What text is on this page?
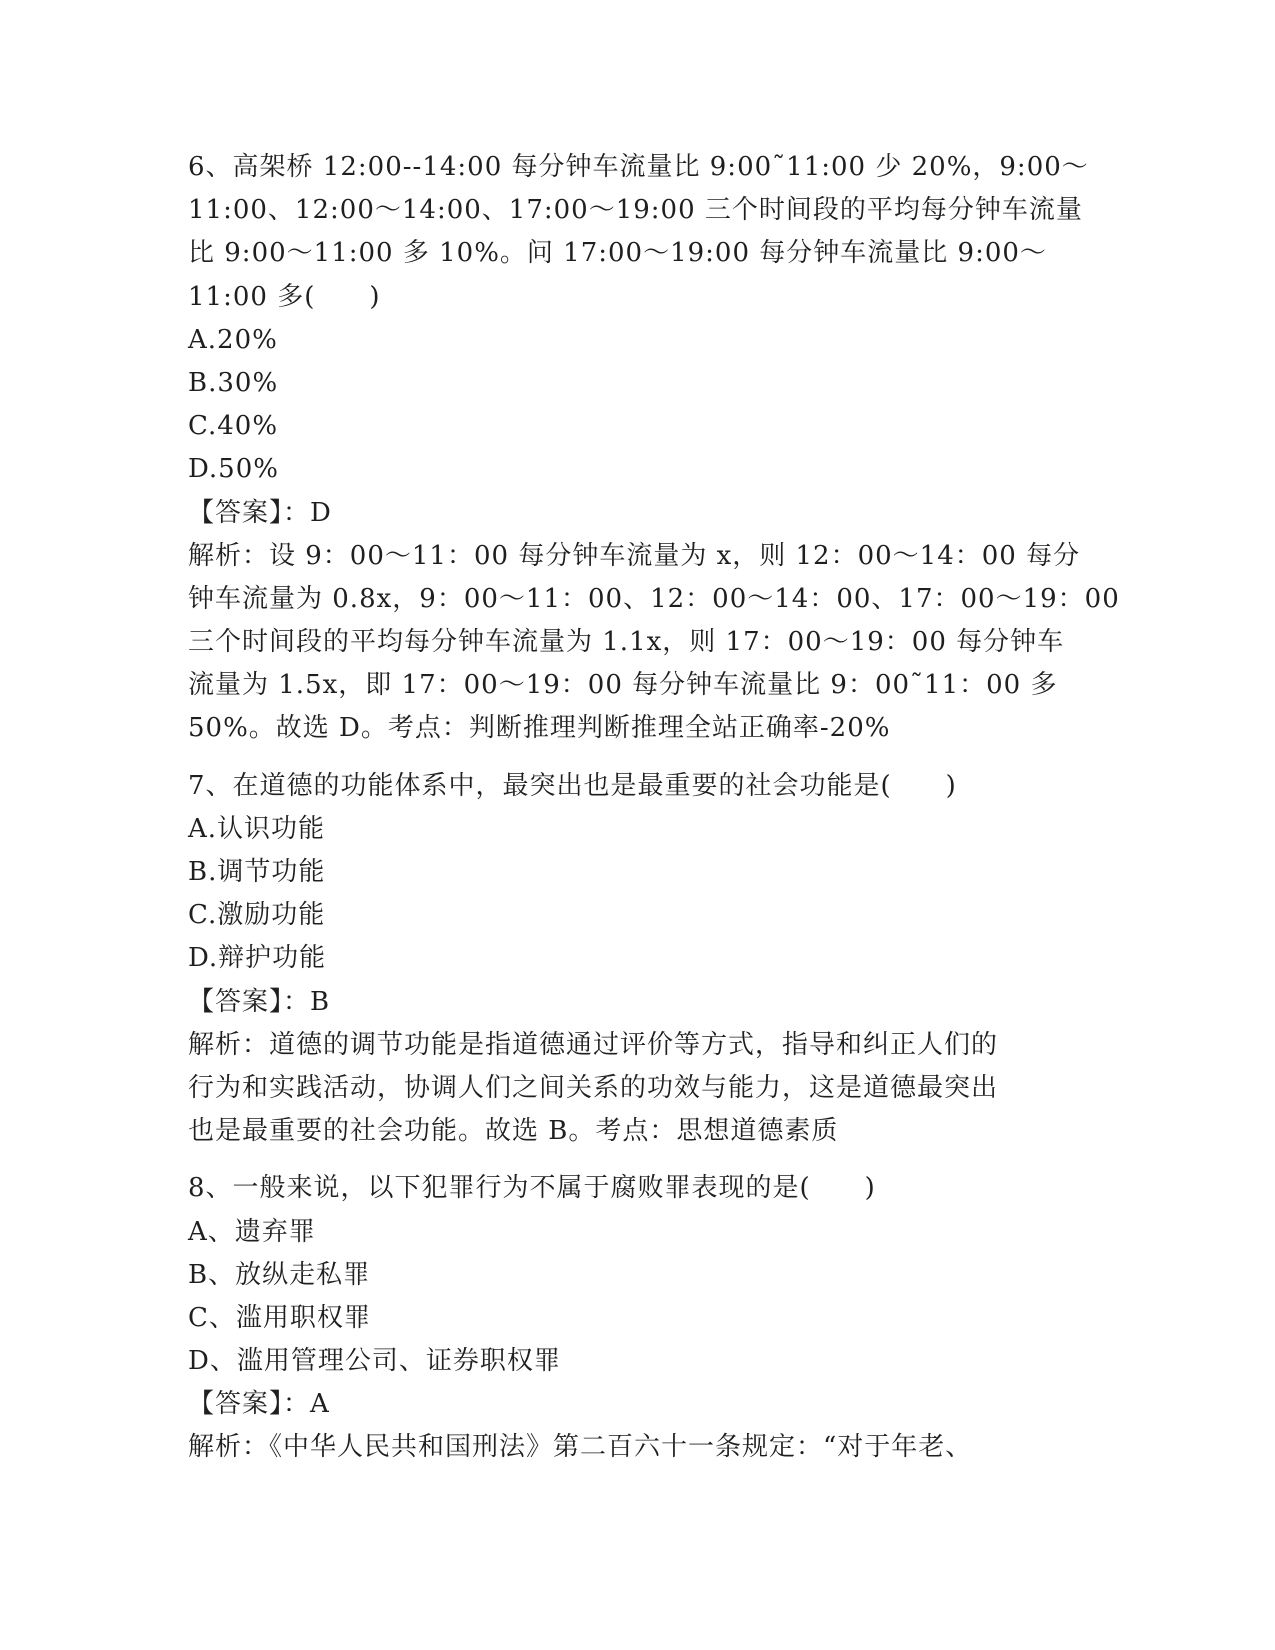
6、高架桥 12:00--14:00 每分钟车流量比 9:00˜11:00 少 20%，9:00～
11:00、12:00～14:00、17:00～19:00 三个时间段的平均每分钟车流量
比 9:00～11:00 多 10%。问 17:00～19:00 每分钟车流量比 9:00～
11:00 多(　　)
A.20%
B.30%
C.40%
D.50%
【答案】：D
解析：设 9：00～11：00 每分钟车流量为 x，则 12：00～14：00 每分
钟车流量为 0.8x，9：00～11：00、12：00～14：00、17：00～19：00
三个时间段的平均每分钟车流量为 1.1x，则 17：00～19：00 每分钟车
流量为 1.5x，即 17：00～19：00 每分钟车流量比 9：00˜11：00 多
50%。故选 D。考点：判断推理判断推理全站正确率-20%
7、在道德的功能体系中，最突出也是最重要的社会功能是(　　)
A.认识功能
B.调节功能
C.激励功能
D.辩护功能
【答案】：B
解析：道德的调节功能是指道德通过评价等方式，指导和纠正人们的
行为和实践活动，协调人们之间关系的功效与能力，这是道德最突出
也是最重要的社会功能。故选 B。考点：思想道德素质
8、一般来说，以下犯罪行为不属于腐败罪表现的是(　　)
A、遗弃罪
B、放纵走私罪
C、滥用职权罪
D、滥用管理公司、证券职权罪
【答案】：A
解析：《中华人民共和国刑法》第二百六十一条规定：“对于年老、
